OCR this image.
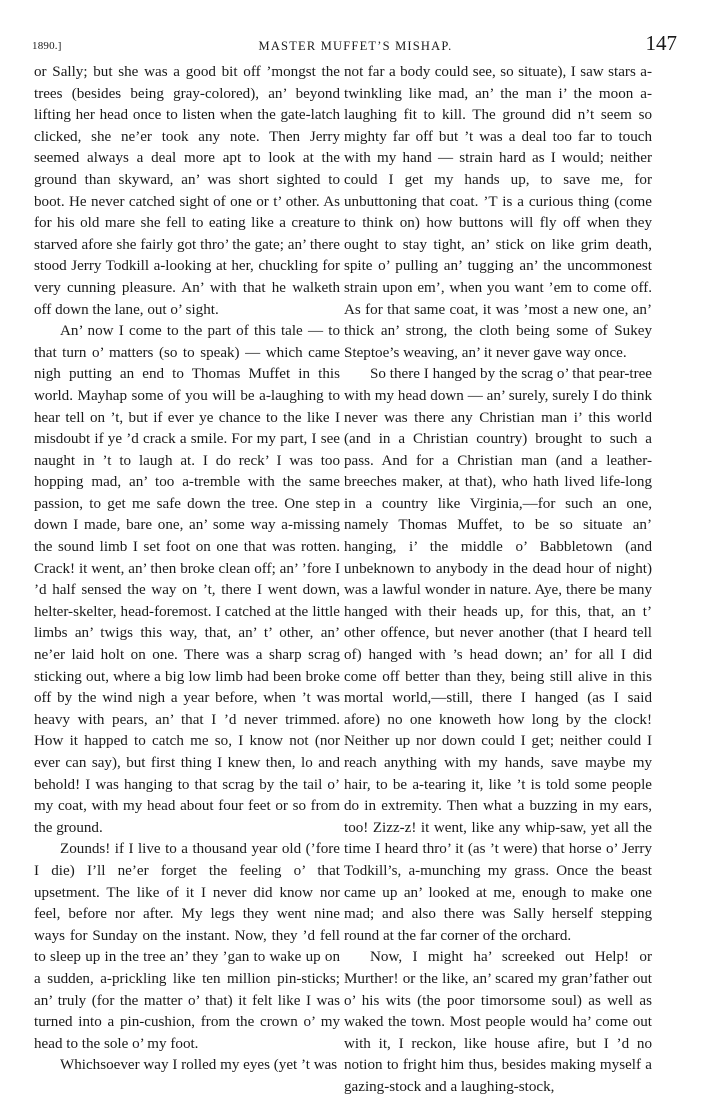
1890.]	MASTER MUFFET’S MISHAP.	147

or Sally; but she was a good bit off ’mongst the trees (besides being gray-colored), an’ beyond lifting her head once to listen when the gate-latch clicked, she ne’er took any note. Then Jerry seemed always a deal more apt to look at the ground than skyward, an’ was short sighted to boot. He never catched sight of one or t’ other. As for his old mare she fell to eating like a creature starved afore she fairly got thro’ the gate; an’ there stood Jerry Todkill a-looking at her, chuckling for very cunning pleasure. An’ with that he walketh off down the lane, out o’ sight.

An’ now I come to the part of this tale — to that turn o’ matters (so to speak) — which came nigh putting an end to Thomas Muffet in this world. Mayhap some of you will be a-laughing to hear tell on ’t, but if ever ye chance to the like I misdoubt if ye ’d crack a smile. For my part, I see naught in ’t to laugh at. I do reck’ I was too hopping mad, an’ too a-tremble with the same passion, to get me safe down the tree. One step down I made, bare one, an’ some way a-missing the sound limb I set foot on one that was rotten. Crack! it went, an’ then broke clean off; an’ ’fore I ’d half sensed the way on ’t, there I went down, helter-skelter, head-foremost. I catched at the little limbs an’ twigs this way, that, an’ t’ other, an’ ne’er laid holt on one. There was a sharp scrag sticking out, where a big low limb had been broke off by the wind nigh a year before, when ’t was heavy with pears, an’ that I ’d never trimmed. How it happed to catch me so, I know not (nor ever can say), but first thing I knew then, lo and behold! I was hanging to that scrag by the tail o’ my coat, with my head about four feet or so from the ground.

Zounds! if I live to a thousand year old (’fore I die) I’ll ne’er forget the feeling o’ that upsetment. The like of it I never did know nor feel, before nor after. My legs they went nine ways for Sunday on the instant. Now, they ’d fell to sleep up in the tree an’ they ’gan to wake up on a sudden, a-prickling like ten million pin-sticks; an’ truly (for the matter o’ that) it felt like I was turned into a pin-cushion, from the crown o’ my head to the sole o’ my foot.

Whichsoever way I rolled my eyes (yet ’t was

not far a body could see, so situate), I saw stars a-twinkling like mad, an’ the man i’ the moon a-laughing fit to kill. The ground did n’t seem so mighty far off but ’t was a deal too far to touch with my hand — strain hard as I would; neither could I get my hands up, to save me, for unbuttoning that coat. ’T is a curious thing (come to think on) how buttons will fly off when they ought to stay tight, an’ stick on like grim death, spite o’ pulling an’ tugging an’ the uncommonest strain upon em’, when you want ’em to come off. As for that same coat, it was ’most a new one, an’ thick an’ strong, the cloth being some of Sukey Steptoe’s weaving, an’ it never gave way once.

So there I hanged by the scrag o’ that pear-tree with my head down — an’ surely, surely I do think never was there any Christian man i’ this world (and in a Christian country) brought to such a pass. And for a Christian man (and a leather-breeches maker, at that), who hath lived life-long in a country like Virginia,—for such an one, namely Thomas Muffet, to be so situate an’ hanging, i’ the middle o’ Babbletown (and unbeknown to anybody in the dead hour of night) was a lawful wonder in nature. Aye, there be many hanged with their heads up, for this, that, an t’ other offence, but never another (that I heard tell of) hanged with ’s head down; an’ for all I did come off better than they, being still alive in this mortal world,—still, there I hanged (as I said afore) no one knoweth how long by the clock! Neither up nor down could I get; neither could I reach anything with my hands, save maybe my hair, to be a-tearing it, like ’t is told some people do in extremity. Then what a buzzing in my ears, too! Zizz-z! it went, like any whip-saw, yet all the time I heard thro’ it (as ’t were) that horse o’ Jerry Todkill’s, a-munching my grass. Once the beast came up an’ looked at me, enough to make one mad; and also there was Sally herself stepping round at the far corner of the orchard.

Now, I might ha’ screeked out Help! or Murther! or the like, an’ scared my gran’father out o’ his wits (the poor timorsome soul) as well as waked the town. Most people would ha’ come out with it, I reckon, like house afire, but I ’d no notion to fright him thus, besides making myself a gazing-stock and a laughing-stock,
